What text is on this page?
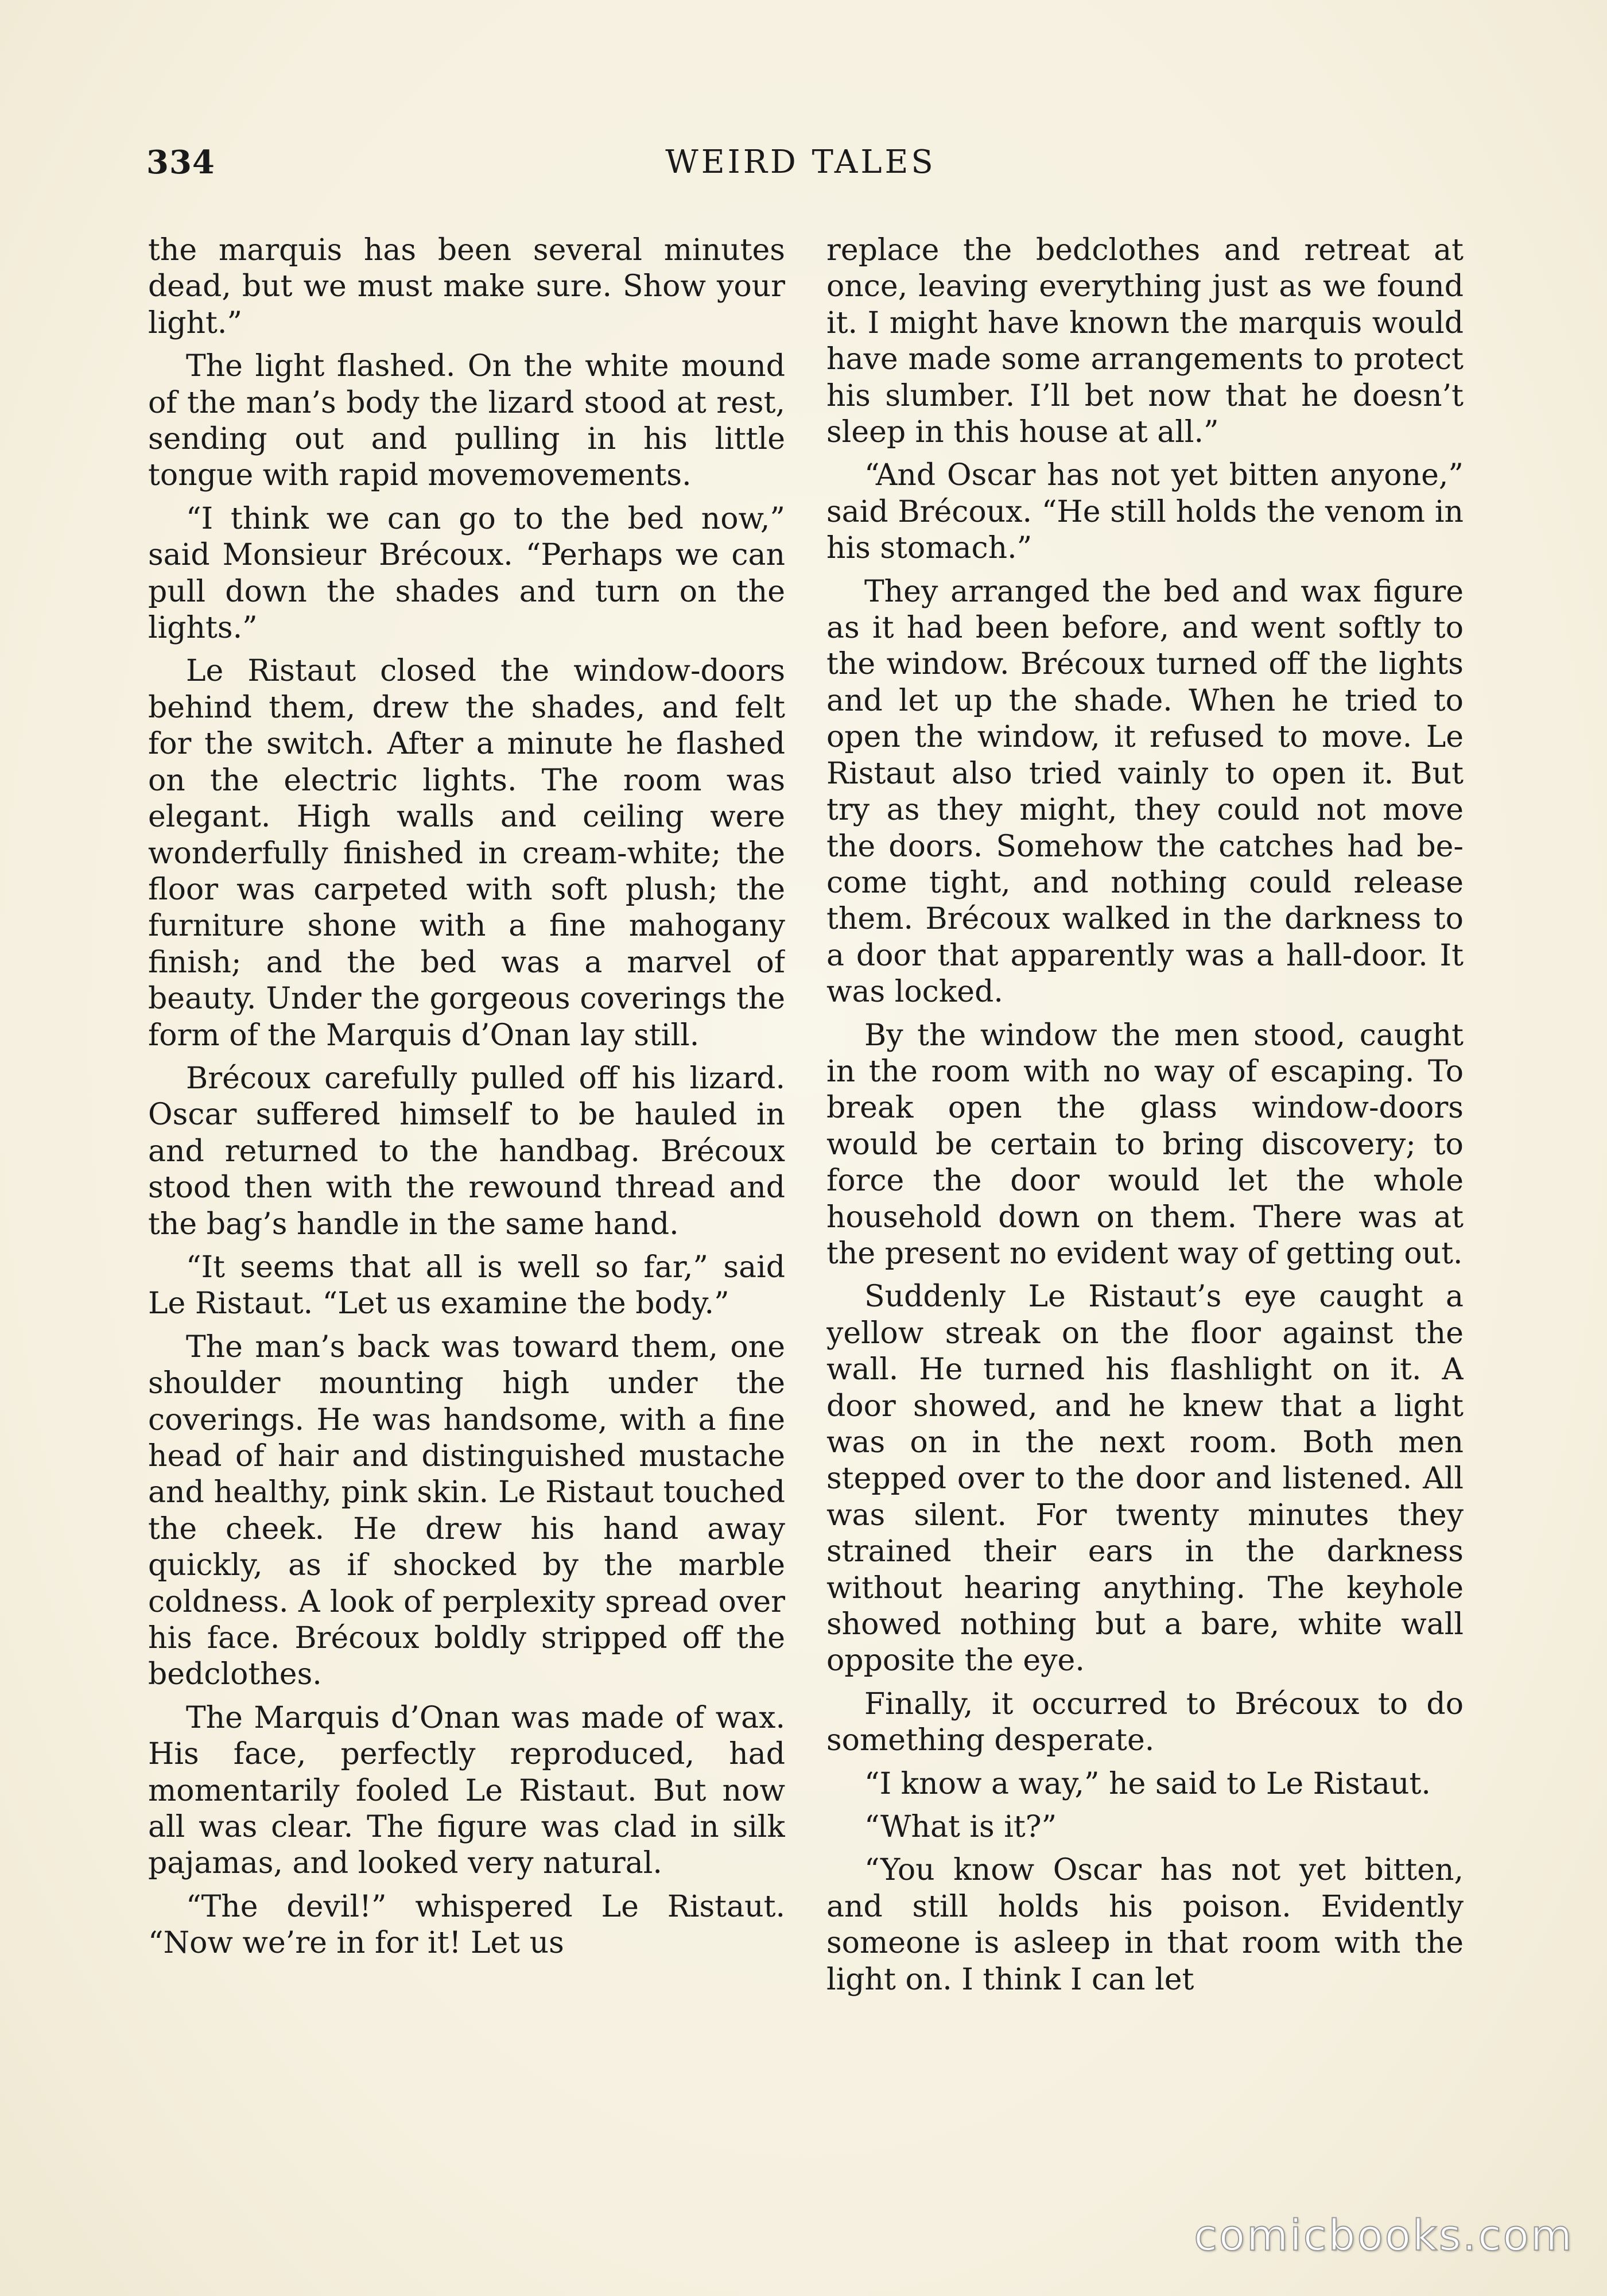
334	WEIRD TALES

the marquis has been several minutes dead, but we must make sure. Show your light.”

The light flashed. On the white mound of the man’s body the lizard stood at rest, sending out and pulling in his little tongue with rapid movemovements.

“I think we can go to the bed now,” said Monsieur Brécoux. “Perhaps we can pull down the shades and turn on the lights.”

Le Ristaut closed the window-doors behind them, drew the shades, and felt for the switch. After a minute he flashed on the electric lights. The room was elegant. High walls and ceiling were wonderfully finished in cream-white; the floor was carpeted with soft plush; the furniture shone with a fine mahogany finish; and the bed was a marvel of beauty. Under the gorgeous coverings the form of the Marquis d’Onan lay still.

Brécoux carefully pulled off his lizard. Oscar suffered himself to be hauled in and returned to the handbag. Brécoux stood then with the rewound thread and the bag’s handle in the same hand.

“It seems that all is well so far,” said Le Ristaut. “Let us examine the body.”

The man’s back was toward them, one shoulder mounting high under the coverings. He was handsome, with a fine head of hair and distinguished mustache and healthy, pink skin. Le Ristaut touched the cheek. He drew his hand away quickly, as if shocked by the marble coldness. A look of perplexity spread over his face. Brécoux boldly stripped off the bedclothes.

The Marquis d’Onan was made of wax. His face, perfectly reproduced, had momentarily fooled Le Ristaut. But now all was clear. The figure was clad in silk pajamas, and looked very natural.

“The devil!” whispered Le Ristaut. “Now we’re in for it! Let us

replace the bedclothes and retreat at once, leaving everything just as we found it. I might have known the marquis would have made some arrangements to protect his slumber. I’ll bet now that he doesn’t sleep in this house at all.”

“And Oscar has not yet bitten anyone,” said Brécoux. “He still holds the venom in his stomach.”

They arranged the bed and wax figure as it had been before, and went softly to the window. Brécoux turned off the lights and let up the shade. When he tried to open the window, it refused to move. Le Ristaut also tried vainly to open it. But try as they might, they could not move the doors. Somehow the catches had become tight, and nothing could release them. Brécoux walked in the darkness to a door that apparently was a hall-door. It was locked.

By the window the men stood, caught in the room with no way of escaping. To break open the glass window-doors would be certain to bring discovery; to force the door would let the whole household down on them. There was at the present no evident way of getting out.

Suddenly Le Ristaut’s eye caught a yellow streak on the floor against the wall. He turned his flashlight on it. A door showed, and he knew that a light was on in the next room. Both men stepped over to the door and listened. All was silent. For twenty minutes they strained their ears in the darkness without hearing anything. The keyhole showed nothing but a bare, white wall opposite the eye.

Finally, it occurred to Brécoux to do something desperate.

“I know a way,” he said to Le Ristaut.

“What is it?”

“You know Oscar has not yet bitten, and still holds his poison. Evidently someone is asleep in that room with the light on. I think I can let

comicbooks.com
